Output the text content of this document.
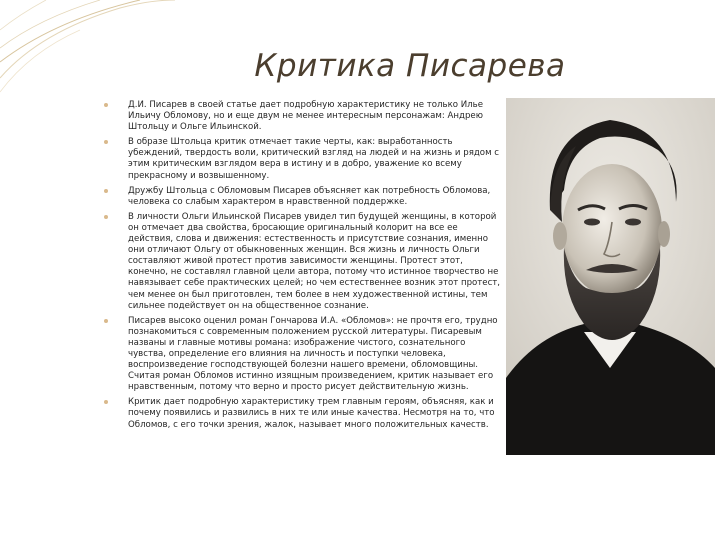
Критика Писарева
Д.И. Писарев в своей статье дает подробную характеристику не только Илье Ильичу Обломову, но и еще двум не менее интересным персонажам: Андрею Штольцу и Ольге Ильинской.
В образе Штольца критик отмечает такие черты, как: выработанность убеждений, твердость воли, критический взгляд на людей и на жизнь и рядом с этим критическим взглядом вера в истину и в добро, уважение ко всему прекрасному и возвышенному.
Дружбу Штольца с Обломовым Писарев объясняет как потребность Обломова, человека со слабым характером в нравственной поддержке.
В личности Ольги Ильинской Писарев увидел тип будущей женщины, в которой он отмечает два свойства, бросающие оригинальный колорит на все ее действия, слова и движения: естественность и присутствие сознания, именно они отличают Ольгу от обыкновенных женщин. Вся жизнь и личность Ольги составляют живой протест против зависимости женщины. Протест этот, конечно, не составлял главной цели автора, потому что истинное творчество не навязывает себе практических целей; но чем естественнее возник этот протест, чем менее он был приготовлен, тем более в нем художественной истины, тем сильнее подействует он на общественное сознание.
Писарев высоко оценил роман Гончарова И.А. «Обломов»: не прочтя его, трудно познакомиться с современным положением русской литературы. Писаревым названы и главные мотивы романа: изображение чистого, сознательного чувства, определение его влияния на личность и поступки человека, воспроизведение господствующей болезни нашего времени, обломовщины. Считая роман Обломов истинно изящным произведением, критик называет его нравственным, потому что верно и просто рисует действительную жизнь.
Критик дает подробную характеристику трем главным героям, объясняя, как и почему появились и развились в них те или иные качества. Несмотря на то, что Обломов, с его точки зрения, жалок, называет много положительных качеств.
